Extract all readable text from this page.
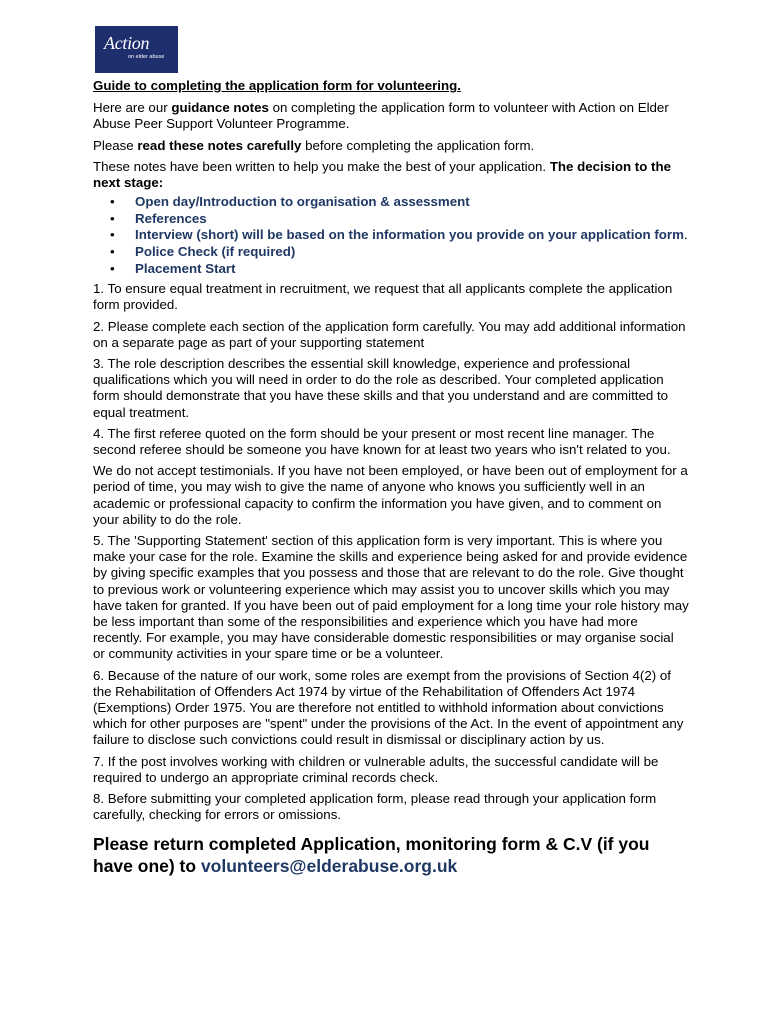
Action
on elder abuse

Guide to completing the application form for volunteering.

Here are our guidance notes on completing the application form to volunteer with Action on Elder Abuse Peer Support Volunteer Programme.

Please read these notes carefully before completing the application form.

These notes have been written to help you make the best of your application. The decision to the next stage:

• Open day/Introduction to organisation & assessment
• References
• Interview (short) will be based on the information you provide on your application form.
• Police Check (if required)
• Placement Start

1. To ensure equal treatment in recruitment, we request that all applicants complete the application form provided.

2. Please complete each section of the application form carefully. You may add additional information on a separate page as part of your supporting statement

3. The role description describes the essential skill knowledge, experience and professional qualifications which you will need in order to do the role as described. Your completed application form should demonstrate that you have these skills and that you understand and are committed to equal treatment.

4. The first referee quoted on the form should be your present or most recent line manager. The second referee should be someone you have known for at least two years who isn't related to you.

We do not accept testimonials. If you have not been employed, or have been out of employment for a period of time, you may wish to give the name of anyone who knows you sufficiently well in an academic or professional capacity to confirm the information you have given, and to comment on your ability to do the role.

5. The 'Supporting Statement' section of this application form is very important. This is where you make your case for the role. Examine the skills and experience being asked for and provide evidence by giving specific examples that you possess and those that are relevant to do the role. Give thought to previous work or volunteering experience which may assist you to uncover skills which you may have taken for granted. If you have been out of paid employment for a long time your role history may be less important than some of the responsibilities and experience which you have had more recently. For example, you may have considerable domestic responsibilities or may organise social or community activities in your spare time or be a volunteer.

6. Because of the nature of our work, some roles are exempt from the provisions of Section 4(2) of the Rehabilitation of Offenders Act 1974 by virtue of the Rehabilitation of Offenders Act 1974 (Exemptions) Order 1975. You are therefore not entitled to withhold information about convictions which for other purposes are "spent" under the provisions of the Act. In the event of appointment any failure to disclose such convictions could result in dismissal or disciplinary action by us.

7. If the post involves working with children or vulnerable adults, the successful candidate will be required to undergo an appropriate criminal records check.

8. Before submitting your completed application form, please read through your application form carefully, checking for errors or omissions.

Please return completed Application, monitoring form & C.V (if you have one) to volunteers@elderabuse.org.uk
